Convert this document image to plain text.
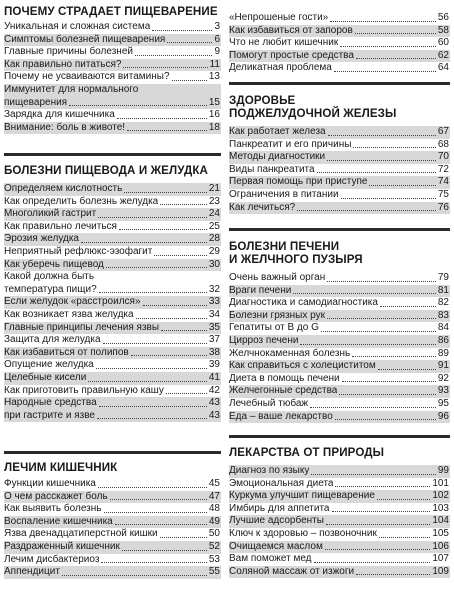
ПОЧЕМУ СТРАДАЕТ ПИЩЕВАРЕНИЕ
Уникальная и сложная система	3
Симптомы болезней пищеварения	6
Главные причины болезней	9
Как правильно питаться?	11
Почему не усваиваются витамины?	13
Иммунитет для нормального
пищеварения	15
Зарядка для кишечника	16
Внимание: боль в животе!	18
БОЛЕЗНИ ПИЩЕВОДА И ЖЕЛУДКА
Определяем кислотность	21
Как определить болезнь желудка	23
Многоликий гастрит	24
Как правильно лечиться	25
Эрозия желудка	28
Неприятный рефлюкс-эзофагит	29
Как уберечь пищевод	30
Какой должна быть
температура пищи?	32
Если желудок «расстроился»	33
Как возникает язва желудка	34
Главные принципы лечения язвы	35
Защита для желудка	37
Как избавиться от полипов	38
Опущение желудка	39
Целебные кисели	41
Как приготовить правильную кашу	42
Народные средства	43
при гастрите и язве	43
ЛЕЧИМ КИШЕЧНИК
Функции кишечника	45
О чем расскажет боль	47
Как выявить болезнь	48
Воспаление кишечника	49
Язва двенадцатиперстной кишки	50
Раздраженный кишечник	52
Лечим дисбактериоз	53
Аппендицит	55
«Непрошеные гости»	56
Как избавиться от запоров	58
Что не любит кишечник	60
Помогут простые средства	62
Деликатная проблема	64
ЗДОРОВЬЕ
ПОДЖЕЛУДОЧНОЙ ЖЕЛЕЗЫ
Как работает железа	67
Панкреатит и его причины	68
Методы диагностики	70
Виды панкреатита	72
Первая помощь при приступе	74
Ограничения в питании	75
Как лечиться?	76
БОЛЕЗНИ ПЕЧЕНИ
И ЖЕЛЧНОГО ПУЗЫРЯ
Очень важный орган	79
Враги печени	81
Диагностика и самодиагностика	82
Болезни грязных рук	83
Гепатиты от В до G	84
Цирроз печени	86
Желчнокаменная болезнь	89
Как справиться с холециститом	91
Диета в помощь печени	92
Желчегонные средства	93
Лечебный тюбаж	95
Еда – ваше лекарство	96
ЛЕКАРСТВА ОТ ПРИРОДЫ
Диагноз по языку	99
Эмоциональная диета	101
Куркума улучшит пищеварение	102
Имбирь для аппетита	103
Лучшие адсорбенты	104
Ключ к здоровью – позвоночник	105
Очищаемся маслом	106
Вам поможет мед	107
Соляной массаж от изжоги	109
